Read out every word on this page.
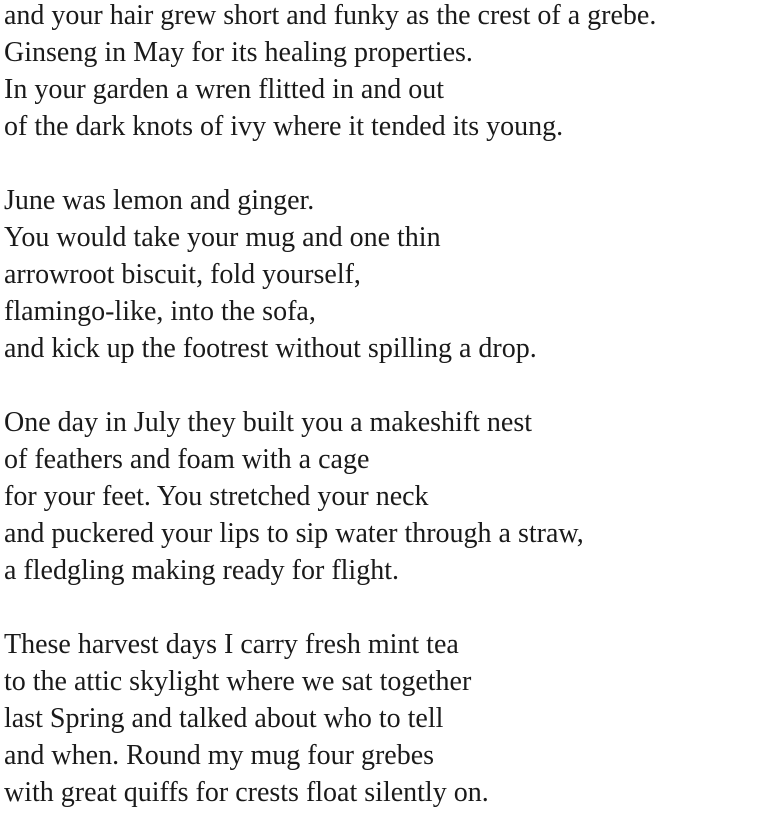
and your hair grew short and funky as the crest of a grebe.
Ginseng in May for its healing properties.
In your garden a wren flitted in and out
of the dark knots of ivy where it tended its young.
June was lemon and ginger.
You would take your mug and one thin
arrowroot biscuit, fold yourself,
flamingo-like, into the sofa,
and kick up the footrest without spilling a drop.
One day in July they built you a makeshift nest
of feathers and foam with a cage
for your feet. You stretched your neck
and puckered your lips to sip water through a straw,
a fledgling making ready for flight.
These harvest days I carry fresh mint tea
to the attic skylight where we sat together
last Spring and talked about who to tell
and when. Round my mug four grebes
with great quiffs for crests float silently on.
